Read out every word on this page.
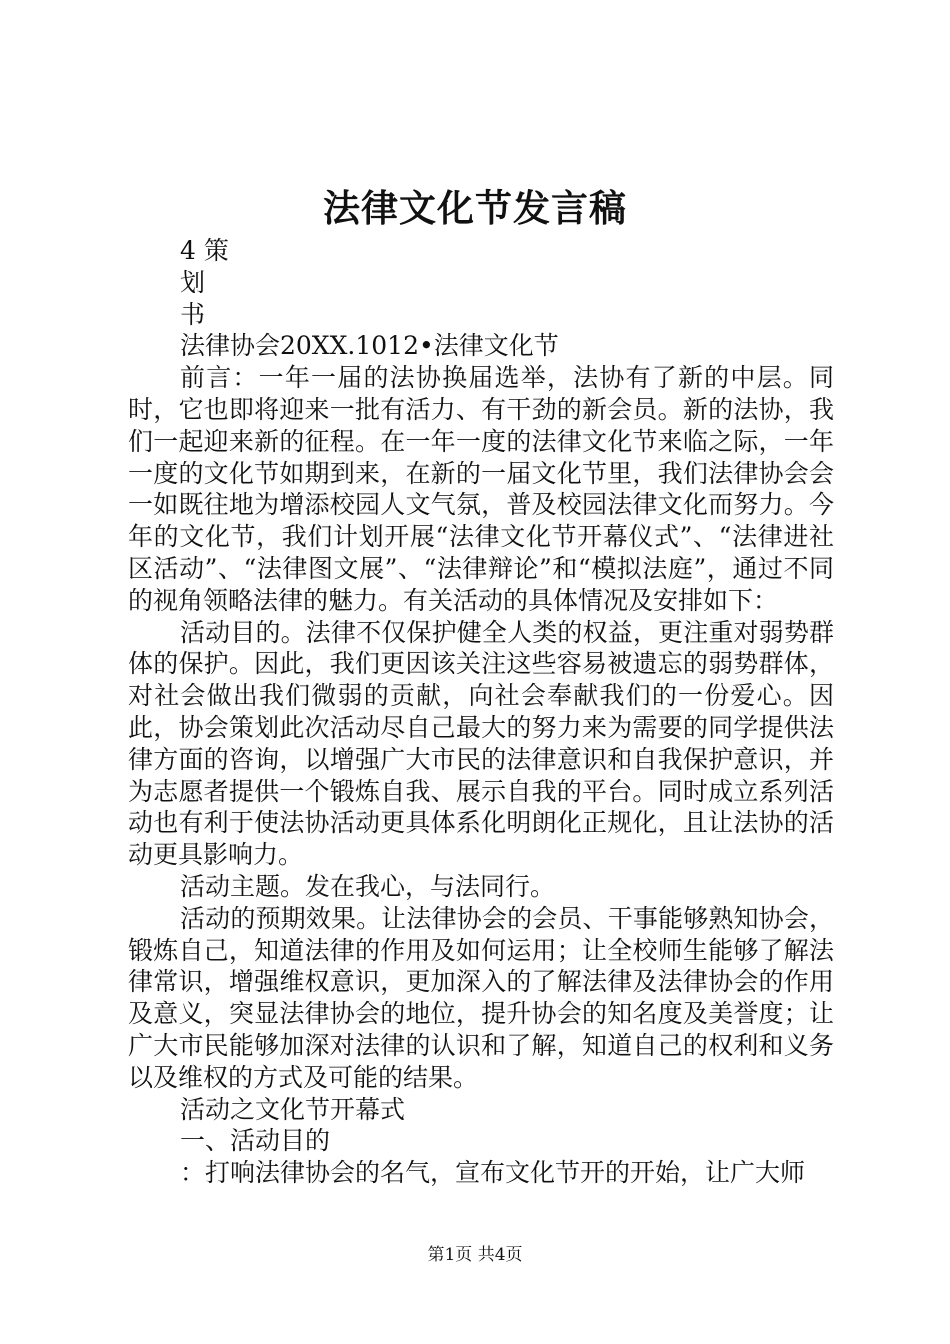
法律文化节发言稿

4 策

划

书

法律协会20XX.1012•法律文化节

前言：一年一届的法协换届选举，法协有了新的中层。同时，它也即将迎来一批有活力、有干劲的新会员。新的法协，我们一起迎来新的征程。在一年一度的法律文化节来临之际，一年一度的文化节如期到来，在新的一届文化节里，我们法律协会会一如既往地为增添校园人文气氛，普及校园法律文化而努力。今年的文化节，我们计划开展“法律文化节开幕仪式”、“法律进社区活动”、“法律图文展”、“法律辩论”和“模拟法庭”，通过不同的视角领略法律的魅力。有关活动的具体情况及安排如下：

活动目的。法律不仅保护健全人类的权益，更注重对弱势群体的保护。因此，我们更因该关注这些容易被遗忘的弱势群体，对社会做出我们微弱的贡献，向社会奉献我们的一份爱心。因此，协会策划此次活动尽自己最大的努力来为需要的同学提供法律方面的咨询，以增强广大市民的法律意识和自我保护意识，并为志愿者提供一个锻炼自我、展示自我的平台。同时成立系列活动也有利于使法协活动更具体系化明朗化正规化，且让法协的活动更具影响力。

活动主题。发在我心，与法同行。

活动的预期效果。让法律协会的会员、干事能够熟知协会，锻炼自己，知道法律的作用及如何运用；让全校师生能够了解法律常识，增强维权意识，更加深入的了解法律及法律协会的作用及意义，突显法律协会的地位，提升协会的知名度及美誉度；让广大市民能够加深对法律的认识和了解，知道自己的权利和义务以及维权的方式及可能的结果。

活动之文化节开幕式

一、活动目的

：打响法律协会的名气，宣布文化节开的开始，让广大师

第1页 共4页
